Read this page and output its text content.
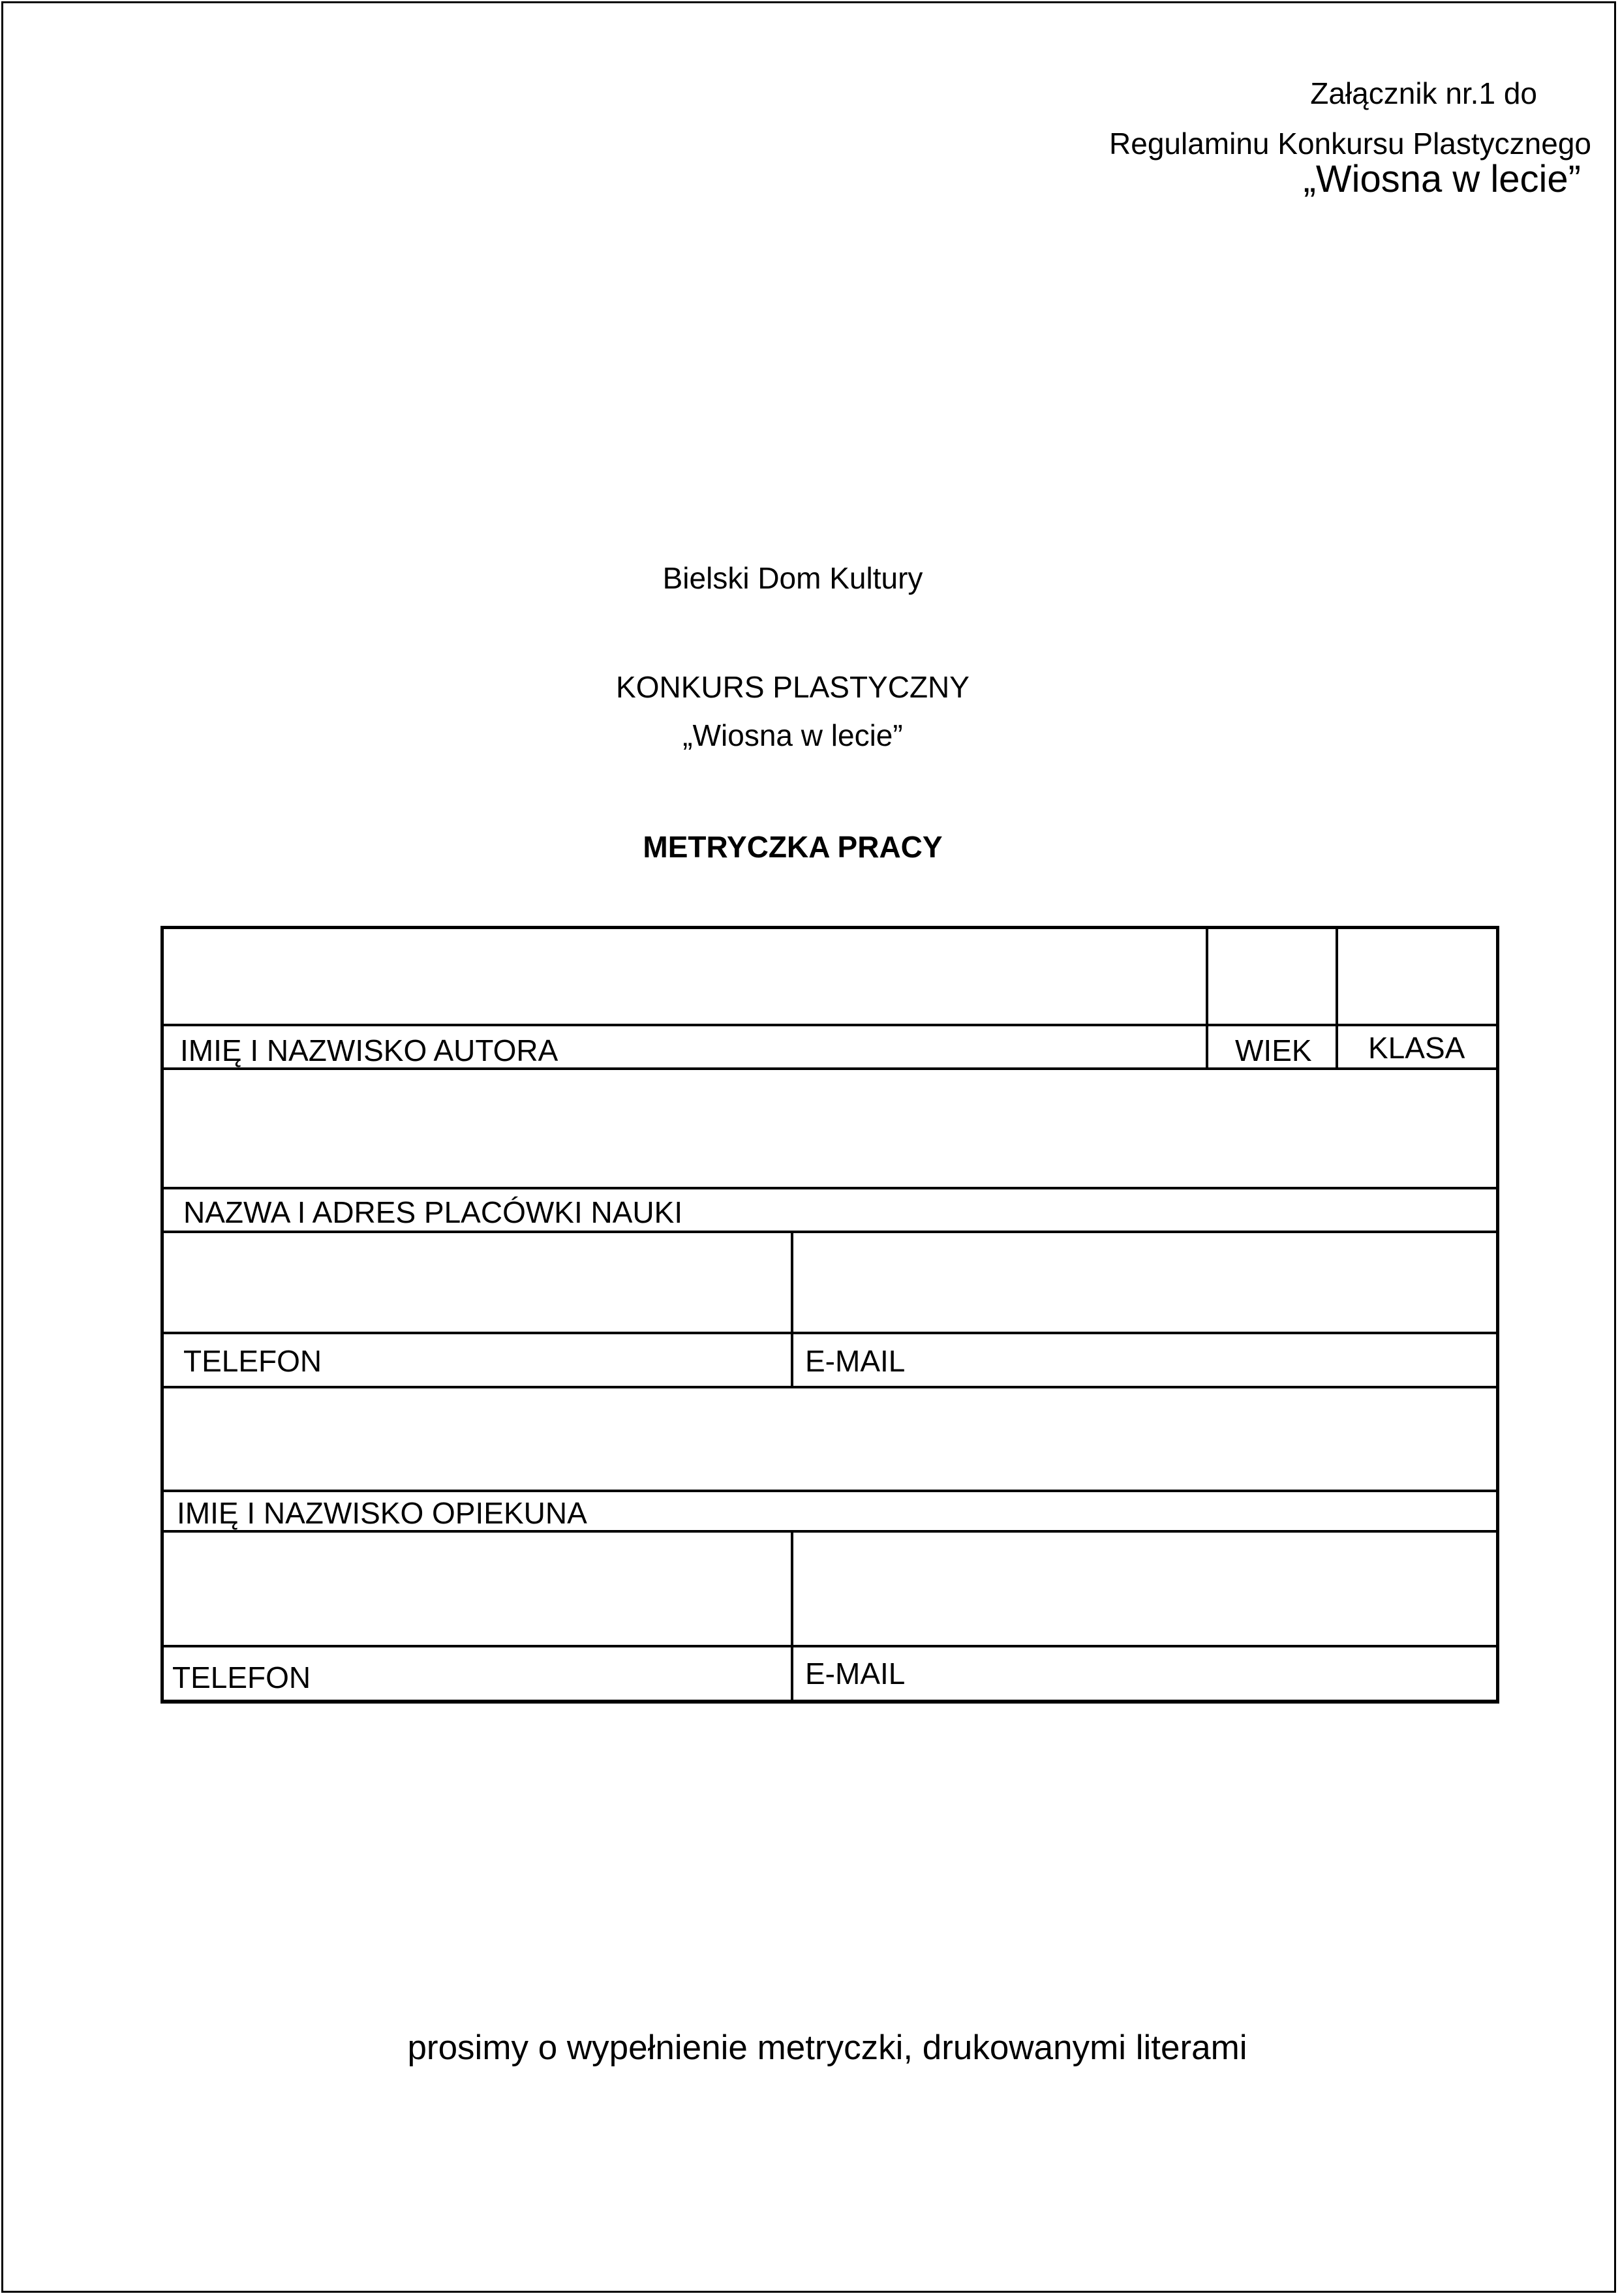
Załącznik nr.1 do
Regulaminu Konkursu Plastycznego
„Wiosna w lecie”
Bielski Dom Kultury
KONKURS PLASTYCZNY
„Wiosna w lecie”
METRYCZKA PRACY
IMIĘ I NAZWISKO AUTORA	WIEK KLASA
NAZWA I ADRES PLACÓWKI NAUKI
TELEFON	E-MAIL
IMIĘ I NAZWISKO OPIEKUNA
TELEFON	E-MAIL
prosimy o wypełnienie metryczki, drukowanymi literami
